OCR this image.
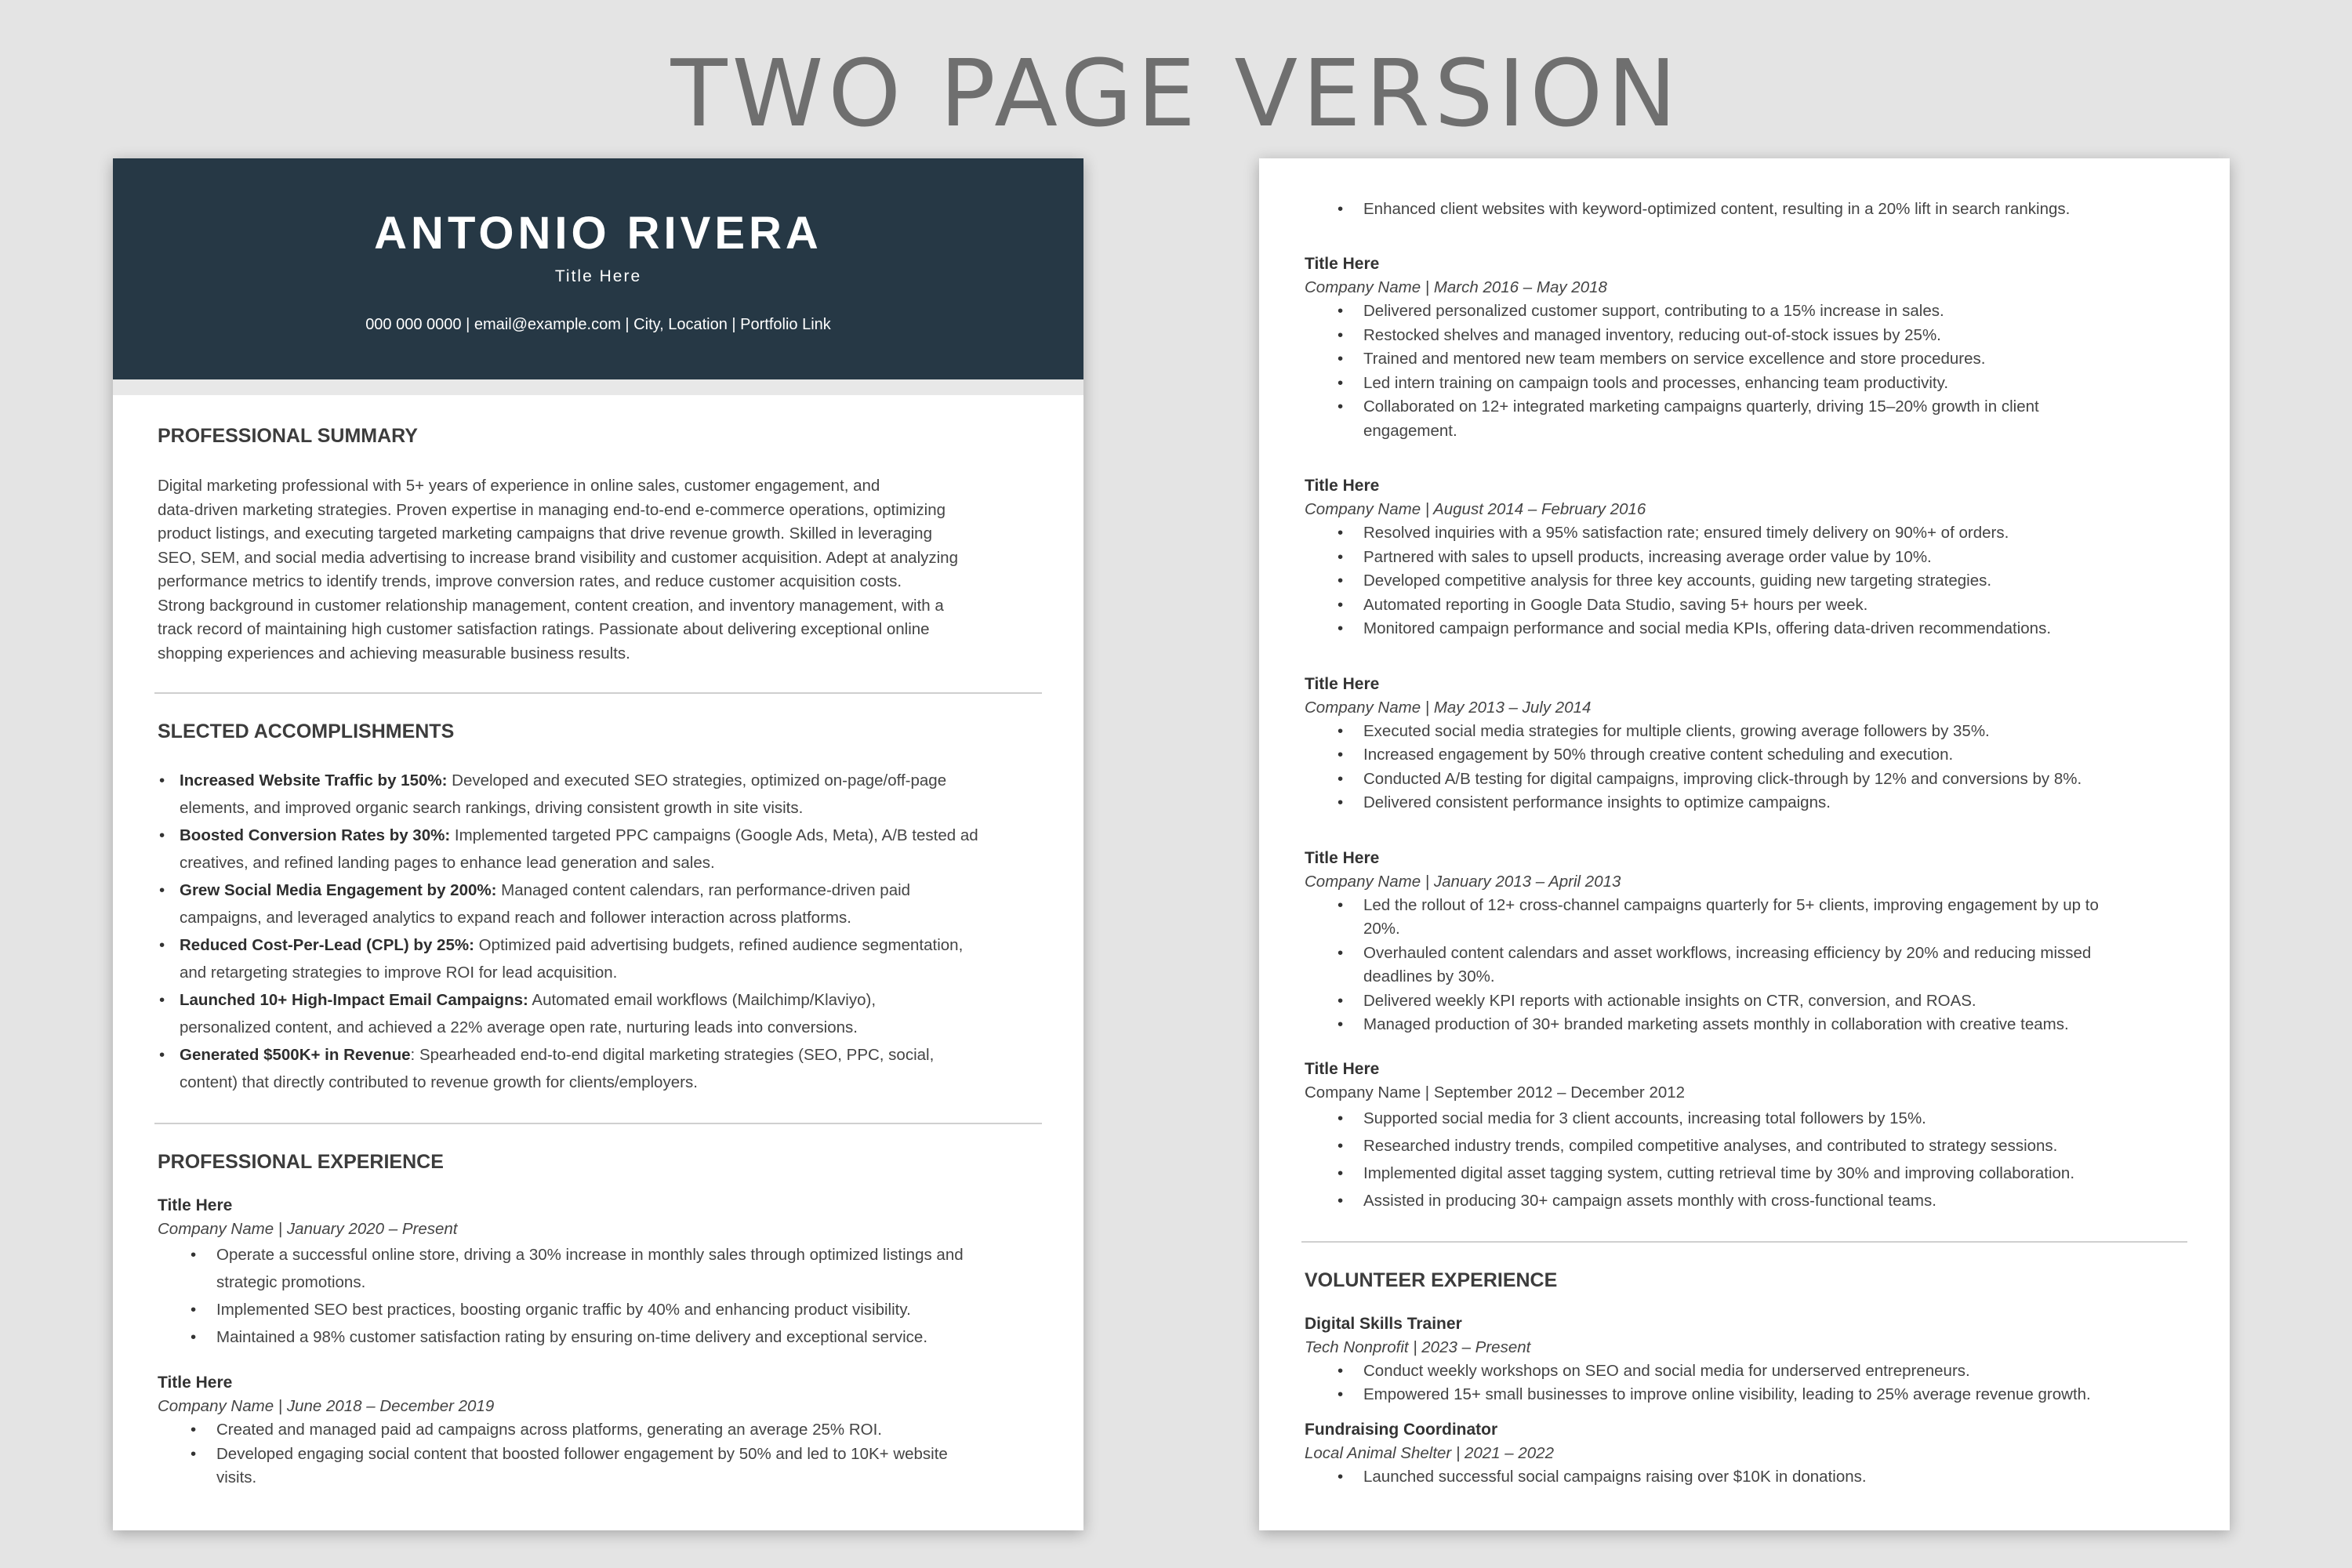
TWO PAGE VERSION
ANTONIO RIVERA
Title Here
000 000 0000 | email@example.com | City, Location | Portfolio Link
PROFESSIONAL SUMMARY
Digital marketing professional with 5+ years of experience in online sales, customer engagement, and
data-driven marketing strategies. Proven expertise in managing end-to-end e-commerce operations, optimizing
product listings, and executing targeted marketing campaigns that drive revenue growth. Skilled in leveraging
SEO, SEM, and social media advertising to increase brand visibility and customer acquisition. Adept at analyzing
performance metrics to identify trends, improve conversion rates, and reduce customer acquisition costs.
Strong background in customer relationship management, content creation, and inventory management, with a
track record of maintaining high customer satisfaction ratings. Passionate about delivering exceptional online
shopping experiences and achieving measurable business results.
SLECTED ACCOMPLISHMENTS
• Increased Website Traffic by 150%: Developed and executed SEO strategies, optimized on-page/off-page
elements, and improved organic search rankings, driving consistent growth in site visits.
• Boosted Conversion Rates by 30%: Implemented targeted PPC campaigns (Google Ads, Meta), A/B tested ad
creatives, and refined landing pages to enhance lead generation and sales.
• Grew Social Media Engagement by 200%: Managed content calendars, ran performance-driven paid
campaigns, and leveraged analytics to expand reach and follower interaction across platforms.
• Reduced Cost-Per-Lead (CPL) by 25%: Optimized paid advertising budgets, refined audience segmentation,
and retargeting strategies to improve ROI for lead acquisition.
• Launched 10+ High-Impact Email Campaigns: Automated email workflows (Mailchimp/Klaviyo),
personalized content, and achieved a 22% average open rate, nurturing leads into conversions.
• Generated $500K+ in Revenue: Spearheaded end-to-end digital marketing strategies (SEO, PPC, social,
content) that directly contributed to revenue growth for clients/employers.
PROFESSIONAL EXPERIENCE
Title Here
Company Name | January 2020 – Present
• Operate a successful online store, driving a 30% increase in monthly sales through optimized listings and
strategic promotions.
• Implemented SEO best practices, boosting organic traffic by 40% and enhancing product visibility.
• Maintained a 98% customer satisfaction rating by ensuring on-time delivery and exceptional service.
Title Here
Company Name | June 2018 – December 2019
• Created and managed paid ad campaigns across platforms, generating an average 25% ROI.
• Developed engaging social content that boosted follower engagement by 50% and led to 10K+ website
visits.
• Enhanced client websites with keyword-optimized content, resulting in a 20% lift in search rankings.
Title Here
Company Name | March 2016 – May 2018
• Delivered personalized customer support, contributing to a 15% increase in sales.
• Restocked shelves and managed inventory, reducing out-of-stock issues by 25%.
• Trained and mentored new team members on service excellence and store procedures.
• Led intern training on campaign tools and processes, enhancing team productivity.
• Collaborated on 12+ integrated marketing campaigns quarterly, driving 15–20% growth in client
engagement.
Title Here
Company Name | August 2014 – February 2016
• Resolved inquiries with a 95% satisfaction rate; ensured timely delivery on 90%+ of orders.
• Partnered with sales to upsell products, increasing average order value by 10%.
• Developed competitive analysis for three key accounts, guiding new targeting strategies.
• Automated reporting in Google Data Studio, saving 5+ hours per week.
• Monitored campaign performance and social media KPIs, offering data-driven recommendations.
Title Here
Company Name | May 2013 – July 2014
• Executed social media strategies for multiple clients, growing average followers by 35%.
• Increased engagement by 50% through creative content scheduling and execution.
• Conducted A/B testing for digital campaigns, improving click-through by 12% and conversions by 8%.
• Delivered consistent performance insights to optimize campaigns.
Title Here
Company Name | January 2013 – April 2013
• Led the rollout of 12+ cross-channel campaigns quarterly for 5+ clients, improving engagement by up to
20%.
• Overhauled content calendars and asset workflows, increasing efficiency by 20% and reducing missed
deadlines by 30%.
• Delivered weekly KPI reports with actionable insights on CTR, conversion, and ROAS.
• Managed production of 30+ branded marketing assets monthly in collaboration with creative teams.
Title Here
Company Name | September 2012 – December 2012
• Supported social media for 3 client accounts, increasing total followers by 15%.
• Researched industry trends, compiled competitive analyses, and contributed to strategy sessions.
• Implemented digital asset tagging system, cutting retrieval time by 30% and improving collaboration.
• Assisted in producing 30+ campaign assets monthly with cross-functional teams.
VOLUNTEER EXPERIENCE
Digital Skills Trainer
Tech Nonprofit | 2023 – Present
• Conduct weekly workshops on SEO and social media for underserved entrepreneurs.
• Empowered 15+ small businesses to improve online visibility, leading to 25% average revenue growth.
Fundraising Coordinator
Local Animal Shelter | 2021 – 2022
• Launched successful social campaigns raising over $10K in donations.
